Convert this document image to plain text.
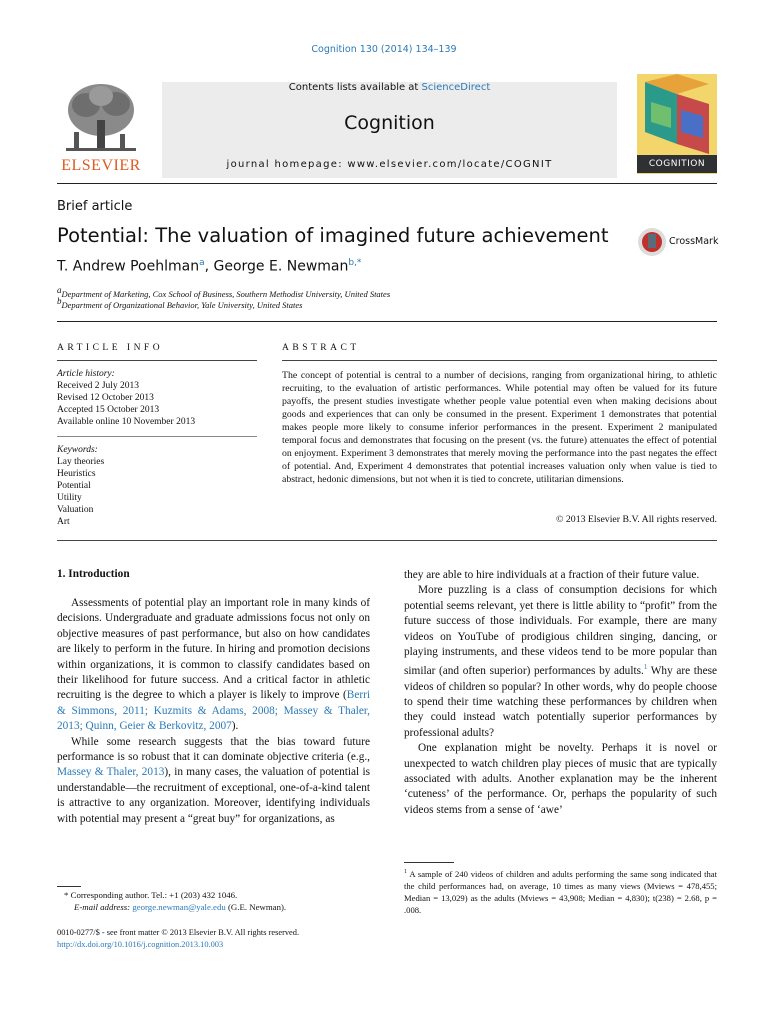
Cognition 130 (2014) 134–139
Contents lists available at ScienceDirect
Cognition
journal homepage: www.elsevier.com/locate/COGNIT
ELSEVIER	COGNITION
Brief article
Potential: The valuation of imagined future achievement	CrossMark
T. Andrew Poehlman$^a$, George E. Newman$^{b,*}$
aDepartment of Marketing, Cox School of Business, Southern Methodist University, United States
bDepartment of Organizational Behavior, Yale University, United States
ARTICLE INFO
Article history:
Received 2 July 2013
Revised 12 October 2013
Accepted 15 October 2013
Available online 10 November 2013
Keywords:
Lay theories
Heuristics
Potential
Utility
Valuation
Art
ABSTRACT
The concept of potential is central to a number of decisions, ranging from organizational hiring, to athletic recruiting, to the evaluation of artistic performances. While potential may often be valued for its future payoffs, the present studies investigate whether people value potential even when making decisions about goods and experiences that can only be consumed in the present. Experiment 1 demonstrates that potential makes people more likely to consume inferior performances in the present. Experiment 2 manipulated temporal focus and demonstrates that focusing on the present (vs. the future) attenuates the effect of potential on enjoyment. Experiment 3 demonstrates that merely moving the performance into the past negates the effect of potential. And, Experiment 4 demonstrates that potential increases valuation only when value is tied to abstract, hedonic dimensions, but not when it is tied to concrete, utilitarian dimensions.
© 2013 Elsevier B.V. All rights reserved.
1. Introduction

Assessments of potential play an important role in many kinds of decisions. Undergraduate and graduate admissions focus not only on objective measures of past performance, but also on how candidates are likely to perform in the future. In hiring and promotion decisions within organizations, it is common to classify candidates based on their likelihood for future success. And a critical factor in athletic recruiting is the degree to which a player is likely to improve (Berri & Simmons, 2011; Kuzmits & Adams, 2008; Massey & Thaler, 2013; Quinn, Geier & Berkovitz, 2007).

While some research suggests that the bias toward future performance is so robust that it can dominate objective criteria (e.g., Massey & Thaler, 2013), in many cases, the valuation of potential is understandable—the recruitment of exceptional, one-of-a-kind talent is attractive to any organization. Moreover, identifying individuals with potential may present a “great buy” for organizations, as

they are able to hire individuals at a fraction of their future value.

More puzzling is a class of consumption decisions for which potential seems relevant, yet there is little ability to “profit” from the future success of those individuals. For example, there are many videos on YouTube of prodigious children singing, dancing, or playing instruments, and these videos tend to be more popular than similar (and often superior) performances by adults.$^1$ Why are these videos of children so popular? In other words, why do people choose to spend their time watching these performances by children when they could instead watch potentially superior performances by professional adults?

One explanation might be novelty. Perhaps it is novel or unexpected to watch children play pieces of music that are typically associated with adults. Another explanation may be the inherent ‘cuteness’ of the performance. Or, perhaps the popularity of such videos stems from a sense of ‘awe’

* Corresponding author. Tel.: +1 (203) 432 1046.
E-mail address: george.newman@yale.edu (G.E. Newman).
$^1$ A sample of 240 videos of children and adults performing the same song indicated that the child performances had, on average, 10 times as many views (Mviews = 478,455; Median = 13,029) as the adults (Mviews = 43,908; Median = 4,830); t(238) = 2.68, p = .008.
0010-0277/$ - see front matter © 2013 Elsevier B.V. All rights reserved.
http://dx.doi.org/10.1016/j.cognition.2013.10.003
